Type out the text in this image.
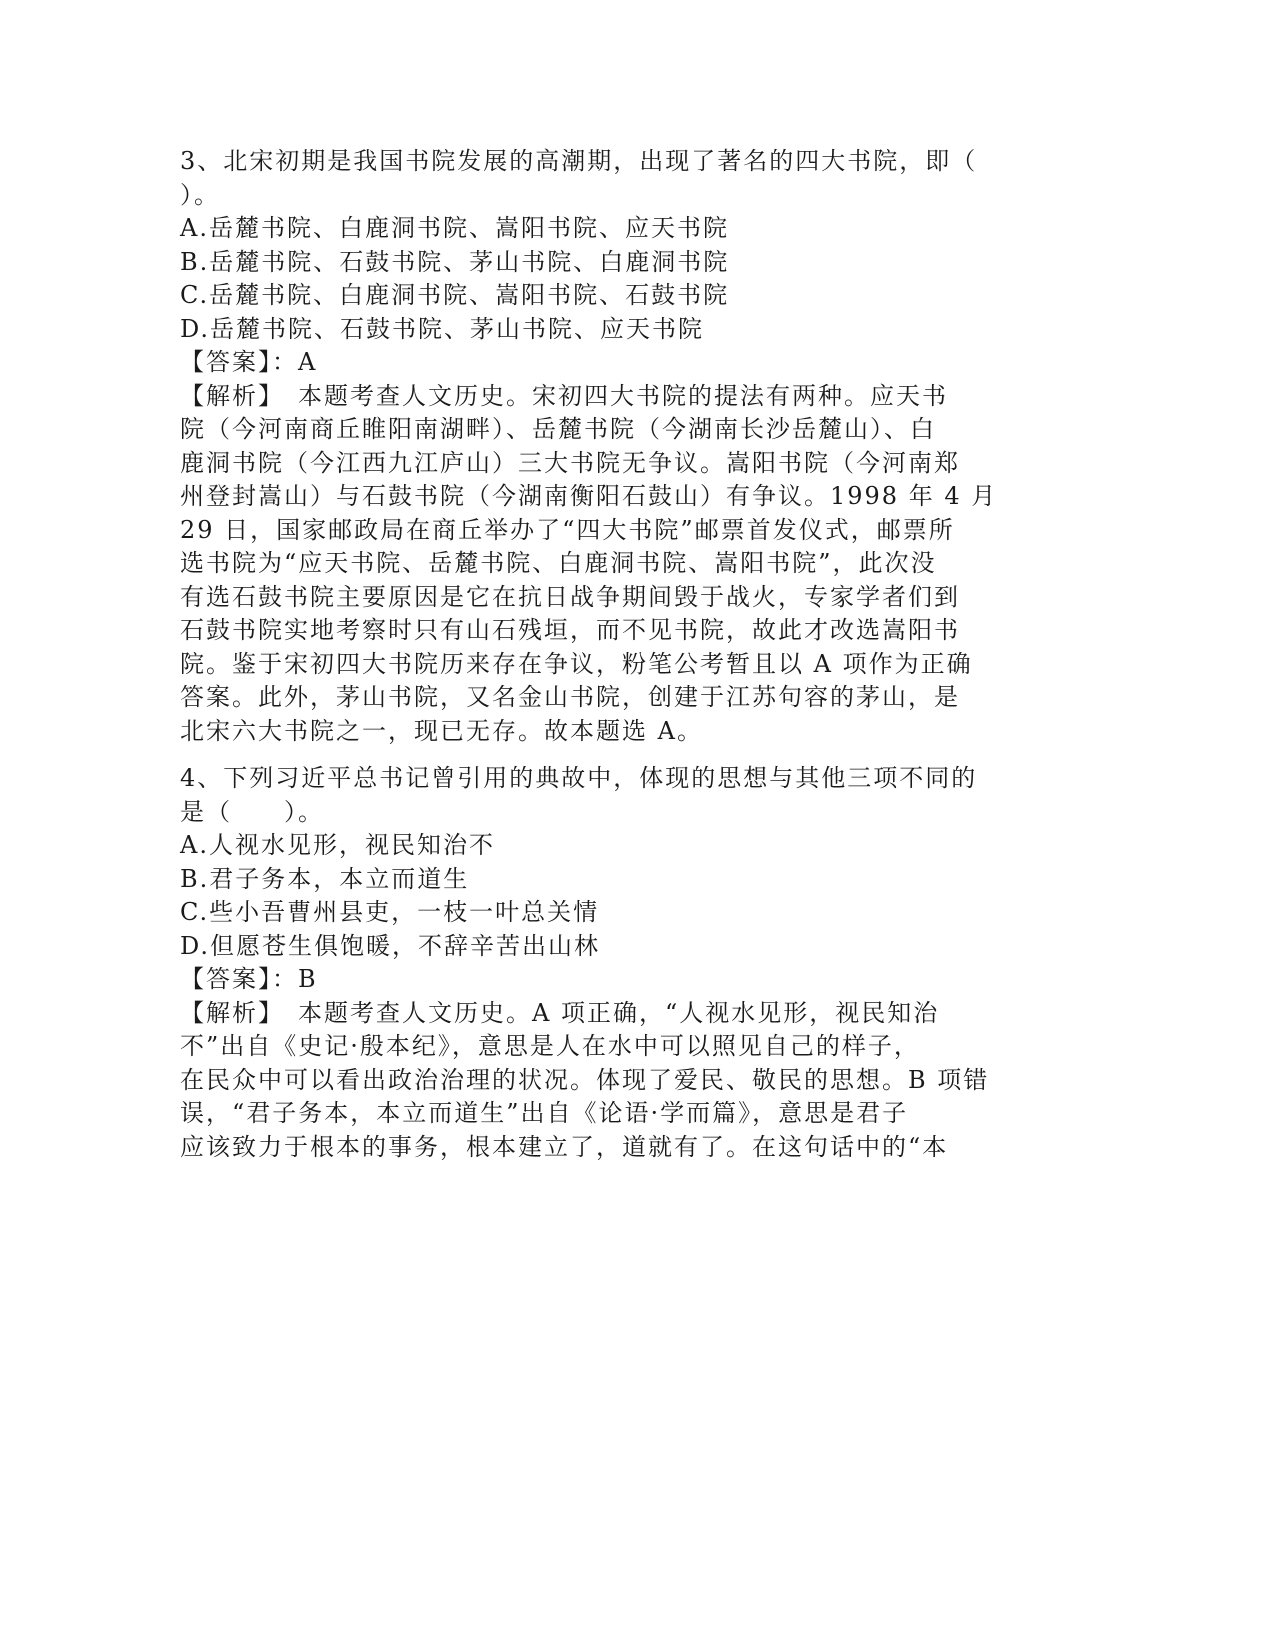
3、北宋初期是我国书院发展的高潮期，出现了著名的四大书院，即（

）。

A.岳麓书院、白鹿洞书院、嵩阳书院、应天书院

B.岳麓书院、石鼓书院、茅山书院、白鹿洞书院

C.岳麓书院、白鹿洞书院、嵩阳书院、石鼓书院

D.岳麓书院、石鼓书院、茅山书院、应天书院

【答案】：A

【解析】　本题考查人文历史。宋初四大书院的提法有两种。应天书

院（今河南商丘睢阳南湖畔）、岳麓书院（今湖南长沙岳麓山）、白

鹿洞书院（今江西九江庐山）三大书院无争议。嵩阳书院（今河南郑

州登封嵩山）与石鼓书院（今湖南衡阳石鼓山）有争议。1998 年 4 月

29 日，国家邮政局在商丘举办了“四大书院”邮票首发仪式，邮票所

选书院为“应天书院、岳麓书院、白鹿洞书院、嵩阳书院”，此次没

有选石鼓书院主要原因是它在抗日战争期间毁于战火，专家学者们到

石鼓书院实地考察时只有山石残垣，而不见书院，故此才改选嵩阳书

院。鉴于宋初四大书院历来存在争议，粉笔公考暂且以 A 项作为正确

答案。此外，茅山书院，又名金山书院，创建于江苏句容的茅山，是

北宋六大书院之一，现已无存。故本题选 A。

4、下列习近平总书记曾引用的典故中，体现的思想与其他三项不同的

是（　　）。

A.人视水见形，视民知治不

B.君子务本，本立而道生

C.些小吾曹州县吏，一枝一叶总关情

D.但愿苍生俱饱暖，不辞辛苦出山林

【答案】：B

【解析】　本题考查人文历史。A 项正确，“人视水见形，视民知治

不”出自《史记·殷本纪》，意思是人在水中可以照见自己的样子，

在民众中可以看出政治治理的状况。体现了爱民、敬民的思想。B 项错

误，“君子务本，本立而道生”出自《论语·学而篇》，意思是君子

应该致力于根本的事务，根本建立了，道就有了。在这句话中的“本
